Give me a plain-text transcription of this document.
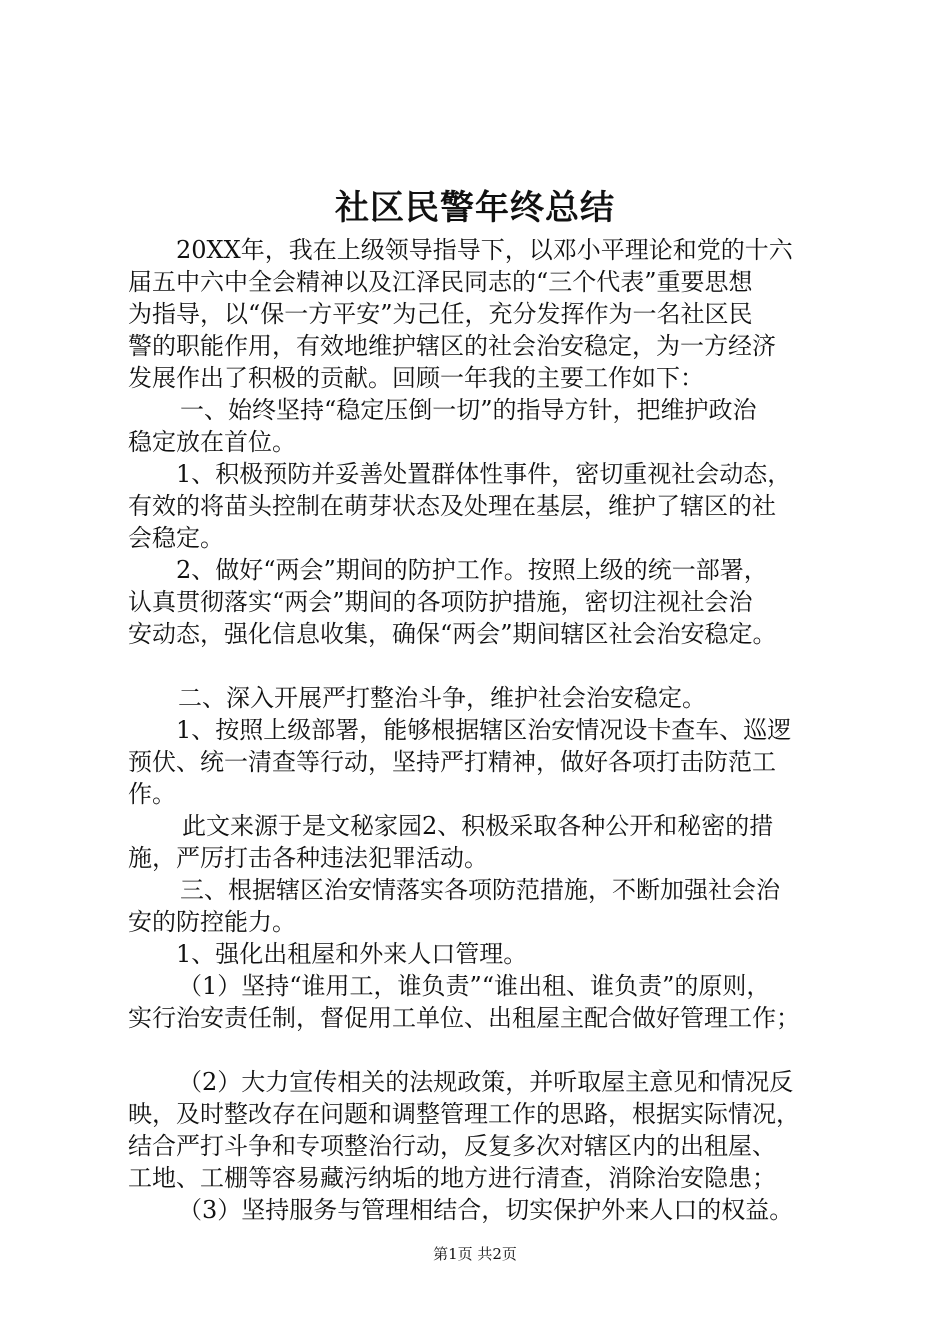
社区民警年终总结

20XX年，我在上级领导指导下，以邓小平理论和党的十六
届五中六中全会精神以及江泽民同志的“三个代表”重要思想
为指导，以“保一方平安”为己任，充分发挥作为一名社区民
警的职能作用，有效地维护辖区的社会治安稳定，为一方经济
发展作出了积极的贡献。回顾一年我的主要工作如下：

一、始终坚持“稳定压倒一切”的指导方针，把维护政治
稳定放在首位。

1、积极预防并妥善处置群体性事件，密切重视社会动态，
有效的将苗头控制在萌芽状态及处理在基层，维护了辖区的社
会稳定。

2、做好“两会”期间的防护工作。按照上级的统一部署，
认真贯彻落实“两会”期间的各项防护措施，密切注视社会治
安动态，强化信息收集，确保“两会”期间辖区社会治安稳定。

二、深入开展严打整治斗争，维护社会治安稳定。

1、按照上级部署，能够根据辖区治安情况设卡查车、巡逻
预伏、统一清查等行动，坚持严打精神，做好各项打击防范工
作。

此文来源于是文秘家园2、积极采取各种公开和秘密的措
施，严厉打击各种违法犯罪活动。

三、根据辖区治安情落实各项防范措施，不断加强社会治
安的防控能力。

1、强化出租屋和外来人口管理。

（1）坚持“谁用工，谁负责”“谁出租、谁负责”的原则，
实行治安责任制，督促用工单位、出租屋主配合做好管理工作；

（2）大力宣传相关的法规政策，并听取屋主意见和情况反
映，及时整改存在问题和调整管理工作的思路，根据实际情况，
结合严打斗争和专项整治行动，反复多次对辖区内的出租屋、
工地、工棚等容易藏污纳垢的地方进行清查，消除治安隐患；

（3）坚持服务与管理相结合，切实保护外来人口的权益。

第1页 共2页
